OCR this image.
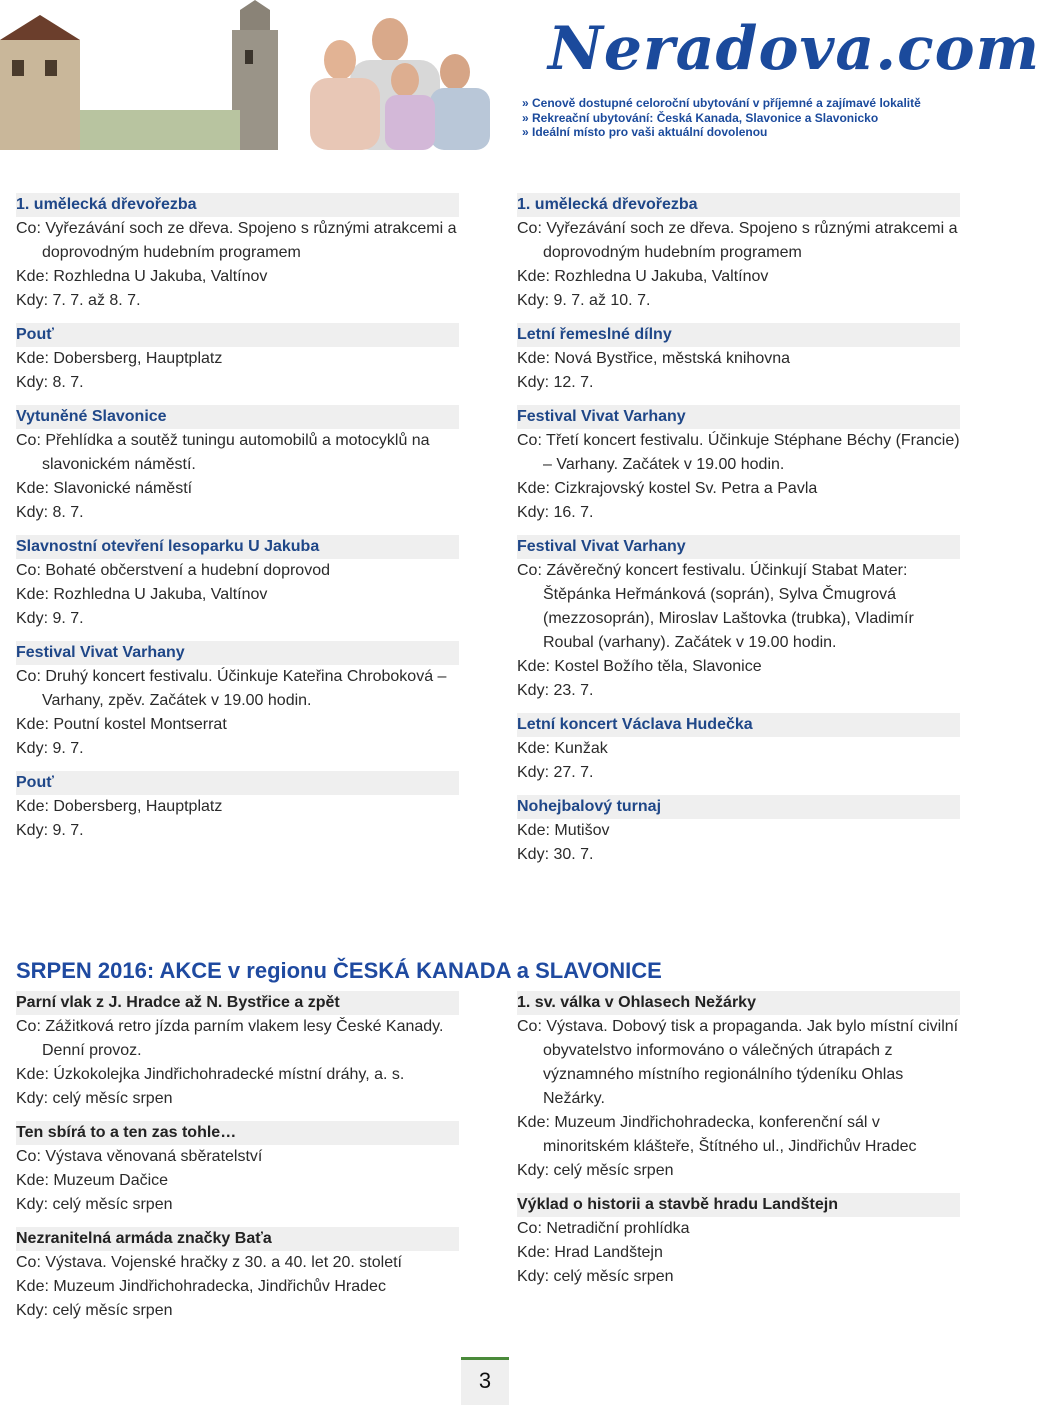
Neradova.com
» Cenově dostupné celoroční ubytování v příjemné a zajímavé lokalitě
» Rekreační ubytování: Česká Kanada, Slavonice a Slavonicko
» Ideální místo pro vaši aktuální dovolenou
1. umělecká dřevořezba
Co: Vyřezávání soch ze dřeva. Spojeno s různými atrakcemi a doprovodným hudebním programem
Kde: Rozhledna U Jakuba, Valtínov
Kdy: 7. 7. až 8. 7.
Pouť
Kde: Dobersberg, Hauptplatz
Kdy: 8. 7.
Vytuněné Slavonice
Co: Přehlídka a soutěž tuningu automobilů a motocyklů na slavonickém náměstí.
Kde: Slavonické náměstí
Kdy: 8. 7.
Slavnostní otevření lesoparku U Jakuba
Co: Bohaté občerstvení a hudební doprovod
Kde: Rozhledna U Jakuba, Valtínov
Kdy: 9. 7.
Festival Vivat Varhany
Co: Druhý koncert festivalu. Účinkuje Kateřina Chroboková – Varhany, zpěv. Začátek v 19.00 hodin.
Kde: Poutní kostel Montserrat
Kdy: 9. 7.
Pouť
Kde: Dobersberg, Hauptplatz
Kdy: 9. 7.
1. umělecká dřevořezba
Co: Vyřezávání soch ze dřeva. Spojeno s různými atrakcemi a doprovodným hudebním programem
Kde: Rozhledna U Jakuba, Valtínov
Kdy: 9. 7. až 10. 7.
Letní řemeslné dílny
Kde: Nová Bystřice, městská knihovna
Kdy: 12. 7.
Festival Vivat Varhany
Co: Třetí koncert festivalu. Účinkuje Stéphane Béchy (Francie) – Varhany. Začátek v 19.00 hodin.
Kde: Cizkrajovský kostel Sv. Petra a Pavla
Kdy: 16. 7.
Festival Vivat Varhany
Co: Závěrečný koncert festivalu. Účinkují Stabat Mater: Štěpánka Heřmánková (soprán), Sylva Čmugrová (mezzosoprán), Miroslav Laštovka (trubka), Vladimír Roubal (varhany). Začátek v 19.00 hodin.
Kde: Kostel Božího těla, Slavonice
Kdy: 23. 7.
Letní koncert Václava Hudečka
Kde: Kunžak
Kdy: 27. 7.
Nohejbalový turnaj
Kde: Mutišov
Kdy: 30. 7.
SRPEN 2016: AKCE v regionu ČESKÁ KANADA a SLAVONICE
Parní vlak z J. Hradce až N. Bystřice a zpět
Co: Zážitková retro jízda parním vlakem lesy České Kanady. Denní provoz.
Kde: Úzkokolejka Jindřichohradecké místní dráhy, a. s.
Kdy: celý měsíc srpen
Ten sbírá to a ten zas tohle…
Co: Výstava věnovaná sběratelství
Kde: Muzeum Dačice
Kdy: celý měsíc srpen
Nezranitelná armáda značky Baťa
Co: Výstava. Vojenské hračky z 30. a 40. let 20. století
Kde: Muzeum Jindřichohradecka, Jindřichův Hradec
Kdy: celý měsíc srpen
1. sv. válka v Ohlasech Nežárky
Co: Výstava. Dobový tisk a propaganda. Jak bylo místní civilní obyvatelstvo informováno o válečných útrapách z významného místního regionálního týdeníku Ohlas Nežárky.
Kde: Muzeum Jindřichohradecka, konferenční sál v minoritském klášteře, Štítného ul., Jindřichův Hradec
Kdy: celý měsíc srpen
Výklad o historii a stavbě hradu Landštejn
Co: Netradiční prohlídka
Kde: Hrad Landštejn
Kdy: celý měsíc srpen
3
